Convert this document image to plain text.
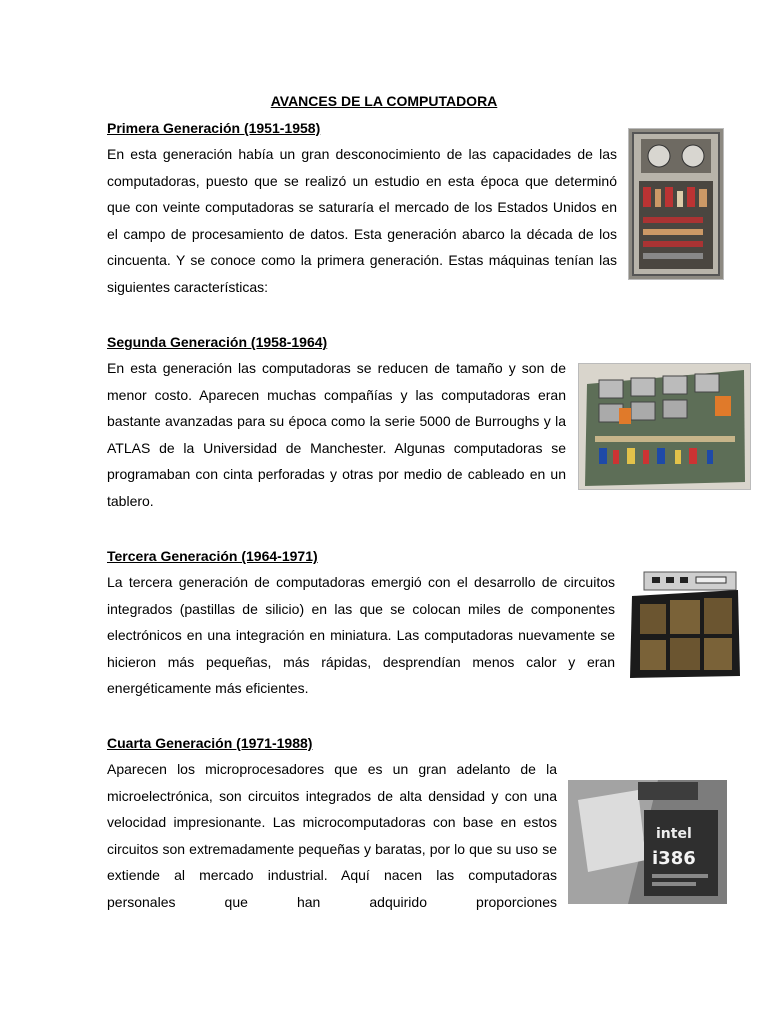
AVANCES DE LA COMPUTADORA
Primera Generación (1951-1958)

En esta generación había un gran desconocimiento de las capacidades de las computadoras, puesto que se realizó un estudio en esta época que determinó que con veinte computadoras se saturaría el mercado de los Estados Unidos en el campo de procesamiento de datos. Esta generación abarco la década de los cincuenta. Y se conoce como la primera generación. Estas máquinas tenían las siguientes características:

Segunda Generación (1958-1964)

En esta generación las computadoras se reducen de tamaño y son de menor costo. Aparecen muchas compañías y las computadoras eran bastante avanzadas para su época como la serie 5000 de Burroughs y la ATLAS de la Universidad de Manchester. Algunas computadoras se programaban con cinta perforadas y otras por medio de cableado en un tablero.

Tercera Generación (1964-1971)

La tercera generación de computadoras emergió con el desarrollo de circuitos integrados (pastillas de silicio) en las que se colocan miles de componentes electrónicos en una integración en miniatura. Las computadoras nuevamente se hicieron más pequeñas, más rápidas, desprendían menos calor y eran energéticamente más eficientes.

Cuarta Generación (1971-1988)

Aparecen los microprocesadores que es un gran adelanto de la microelectrónica, son circuitos integrados de alta densidad y con una velocidad impresionante. Las microcomputadoras con base en estos circuitos son extremadamente pequeñas y baratas, por lo que su uso se extiende al mercado industrial. Aquí nacen las computadoras personales que han adquirido proporciones

intel
i386
